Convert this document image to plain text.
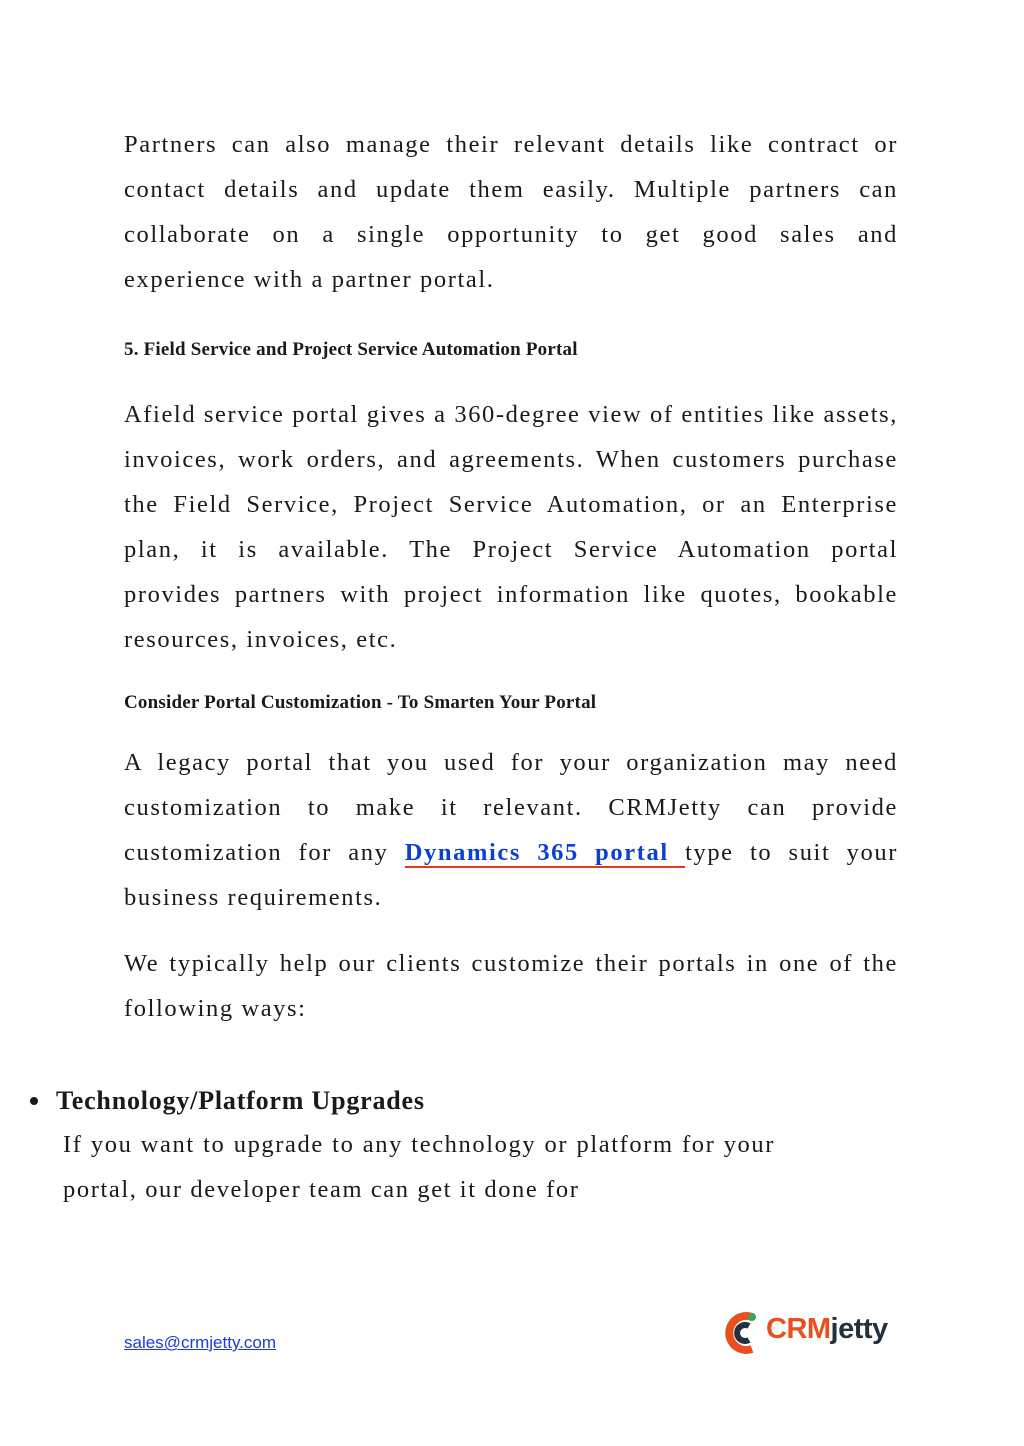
Partners can also manage their relevant details like contract or contact details and update them easily. Multiple partners can collaborate on a single opportunity to get good sales and experience with a partner portal.

5. Field Service and Project Service Automation Portal

Afield service portal gives a 360-degree view of entities like assets, invoices, work orders, and agreements. When customers purchase the Field Service, Project Service Automation, or an Enterprise plan, it is available. The Project Service Automation portal provides partners with project information like quotes, bookable resources, invoices, etc.

Consider Portal Customization - To Smarten Your Portal

A legacy portal that you used for your organization may need customization to make it relevant. CRMJetty can provide customization for any Dynamics 365 portal type to suit your business requirements.

We typically help our clients customize their portals in one of the following ways:

Technology/Platform Upgrades

If you want to upgrade to any technology or platform for your portal, our developer team can get it done for

sales@crmjetty.com	CRMjetty
